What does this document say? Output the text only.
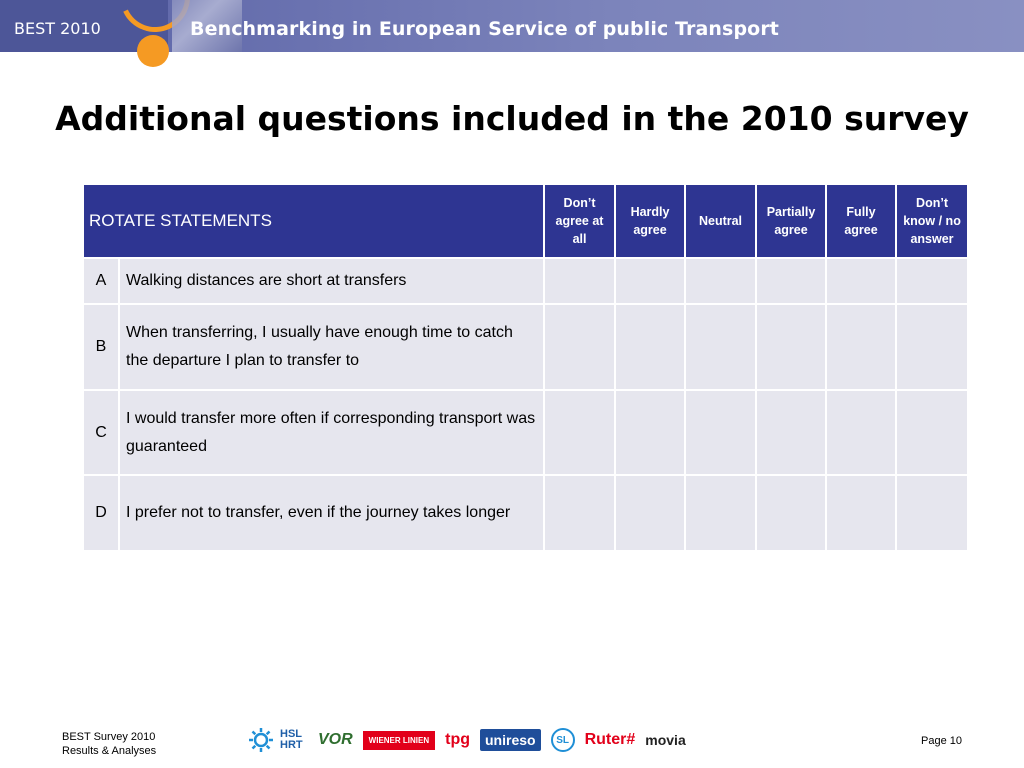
BEST 2010	Benchmarking in European Service of public Transport
Additional questions included in the 2010 survey
ROTATE STATEMENTS		Don’t agree at all	Hardly agree	Neutral	Partially agree	Fully agree	Don’t know / no answer
A	Walking distances are short at transfers						
B	When transferring, I usually have enough time to catch the departure I plan to transfer to						
C	I would transfer more often if corresponding transport was guaranteed						
D	I prefer not to transfer, even if the journey takes longer						
BEST Survey 2010
Results & Analyses
HSL HRT VOR	WIENER LINIEN	tpg	unireso	SL Ruter# movia	Page 10
